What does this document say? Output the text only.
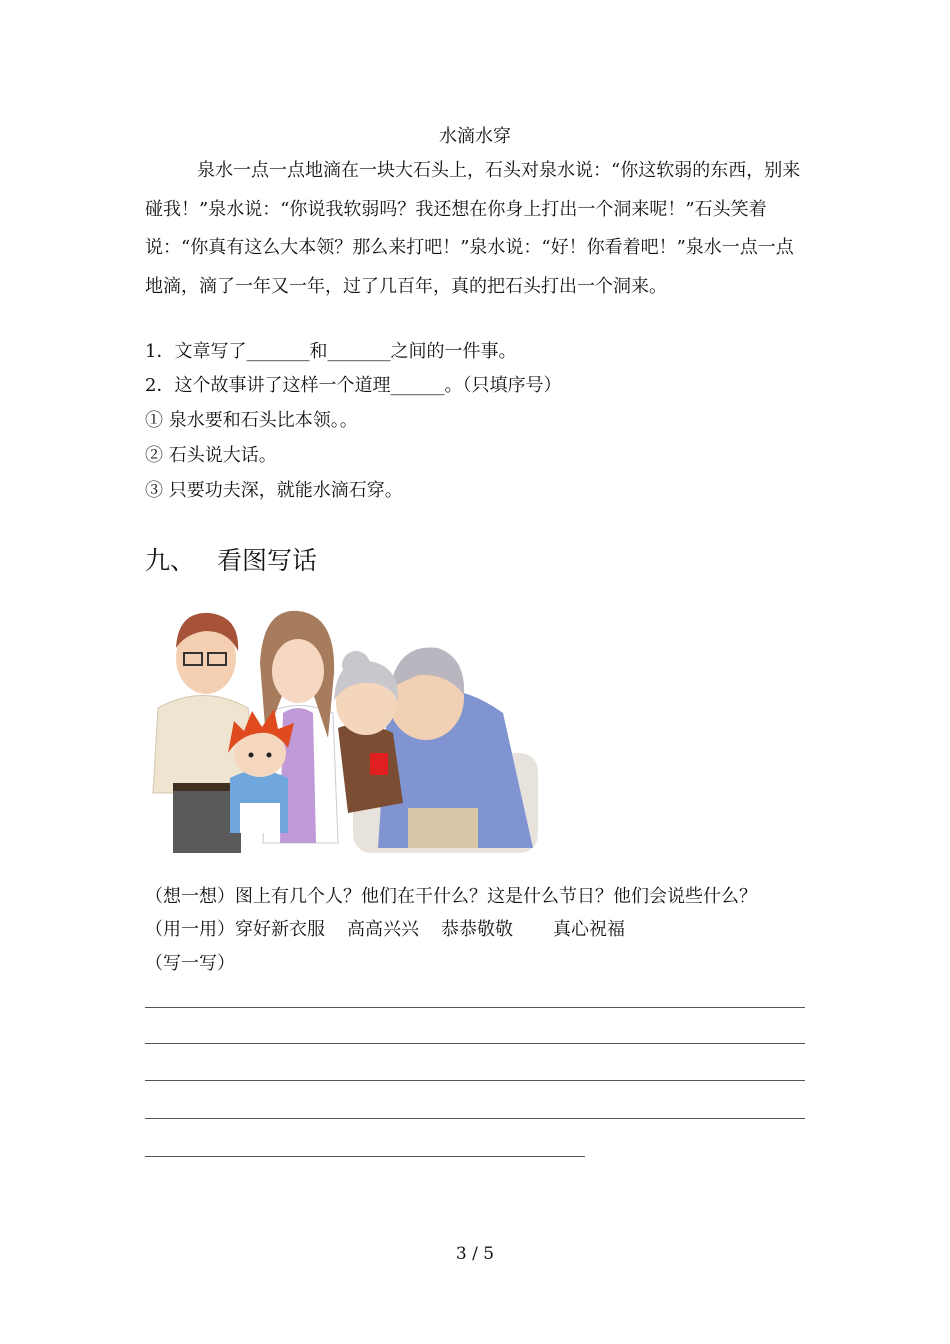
水滴水穿
泉水一点一点地滴在一块大石头上，石头对泉水说：“你这软弱的东西，别来碰我！”泉水说：“你说我软弱吗？我还想在你身上打出一个洞来呢！”石头笑着说：“你真有这么大本领？那么来打吧！”泉水说：“好！你看着吧！”泉水一点一点地滴，滴了一年又一年，过了几百年，真的把石头打出一个洞来。
1．文章写了_______和_______之间的一件事。
2．这个故事讲了这样一个道理______。（只填序号）
① 泉水要和石头比本领。。
② 石头说大话。
③ 只要功夫深，就能水滴石穿。
九、 看图写话
（想一想）图上有几个人？他们在干什么？这是什么节日？他们会说些什么？
（用一用）穿好新衣服 高高兴兴 恭恭敬敬 真心祝福
（写一写）
3 / 5
